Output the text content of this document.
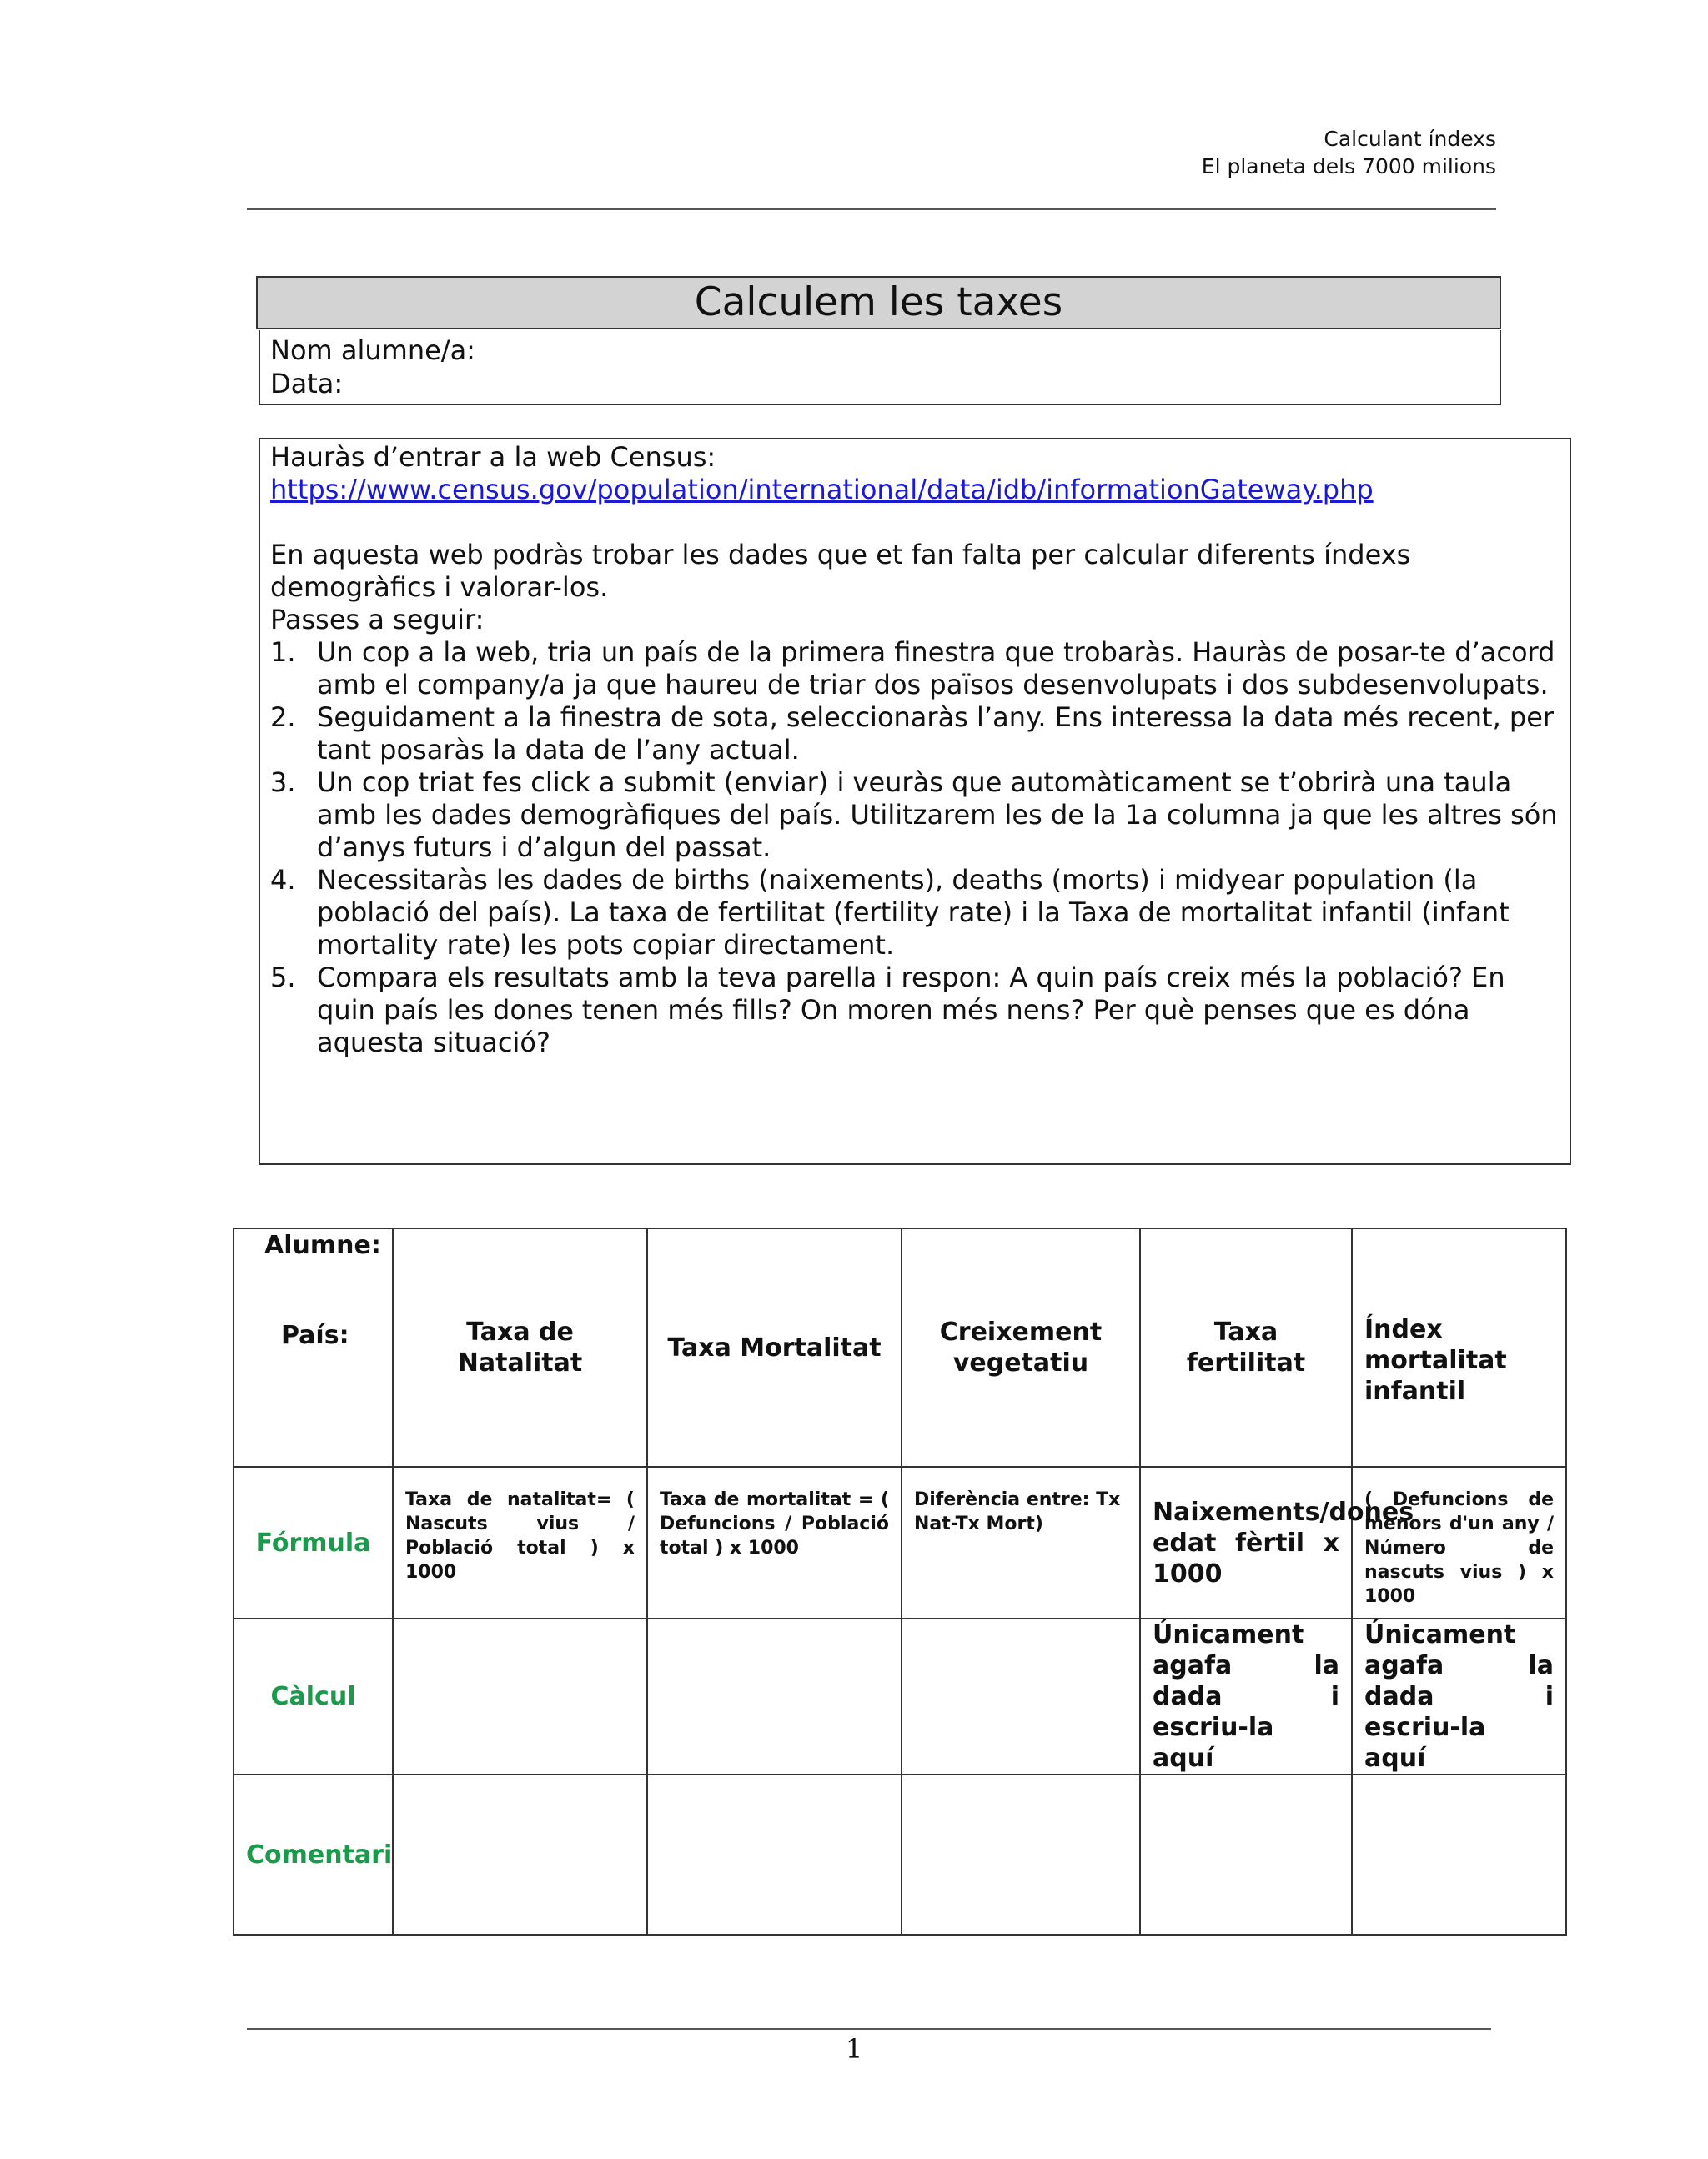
Calculant índexs
El planeta dels 7000 milions
Calculem les taxes
Nom alumne/a:
Data:

Hauràs d’entrar a la web Census:

https://www.census.gov/population/international/data/idb/informationGateway.php

En aquesta web podràs trobar les dades que et fan falta per calcular diferents índexs demogràfics i valorar-los.

Passes a seguir:

1. Un cop a la web, tria un país de la primera finestra que trobaràs. Hauràs de posar-te d’acord amb el company/a ja que haureu de triar dos països desenvolupats i dos subdesenvolupats.
2. Seguidament a la finestra de sota, seleccionaràs l’any. Ens interessa la data més recent, per tant posaràs la data de l’any actual.
3. Un cop triat fes click a submit (enviar) i veuràs que automàticament se t’obrirà una taula amb les dades demogràfiques del país. Utilitzarem les de la 1a columna ja que les altres són d’anys futurs i d’algun del passat.
4. Necessitaràs les dades de births (naixements), deaths (morts) i midyear population (la població del país). La taxa de fertilitat (fertility rate) i la Taxa de mortalitat infantil (infant mortality rate) les pots copiar directament.
5. Compara els resultats amb la teva parella i respon: A quin país creix més la població? En quin país les dones tenen més fills? On moren més nens? Per què penses que es dóna aquesta situació?
Alumne:
País:	Taxa de Natalitat	Taxa Mortalitat	Creixement vegetatiu	Taxa fertilitat	Índex mortalitat infantil
Fórmula	Taxa de natalitat= ( Nascuts vius / Població total ) x 1000	Taxa de mortalitat = ( Defuncions / Població total ) x 1000	Diferència entre: Tx Nat-Tx Mort)	Naixements/dones edat fèrtil x 1000	( Defuncions de menors d'un any / Número de nascuts vius ) x 1000
Càlcul				Únicament agafa la dada i escriu-la aquí	Únicament agafa la dada i escriu-la aquí
Comentari					
1
